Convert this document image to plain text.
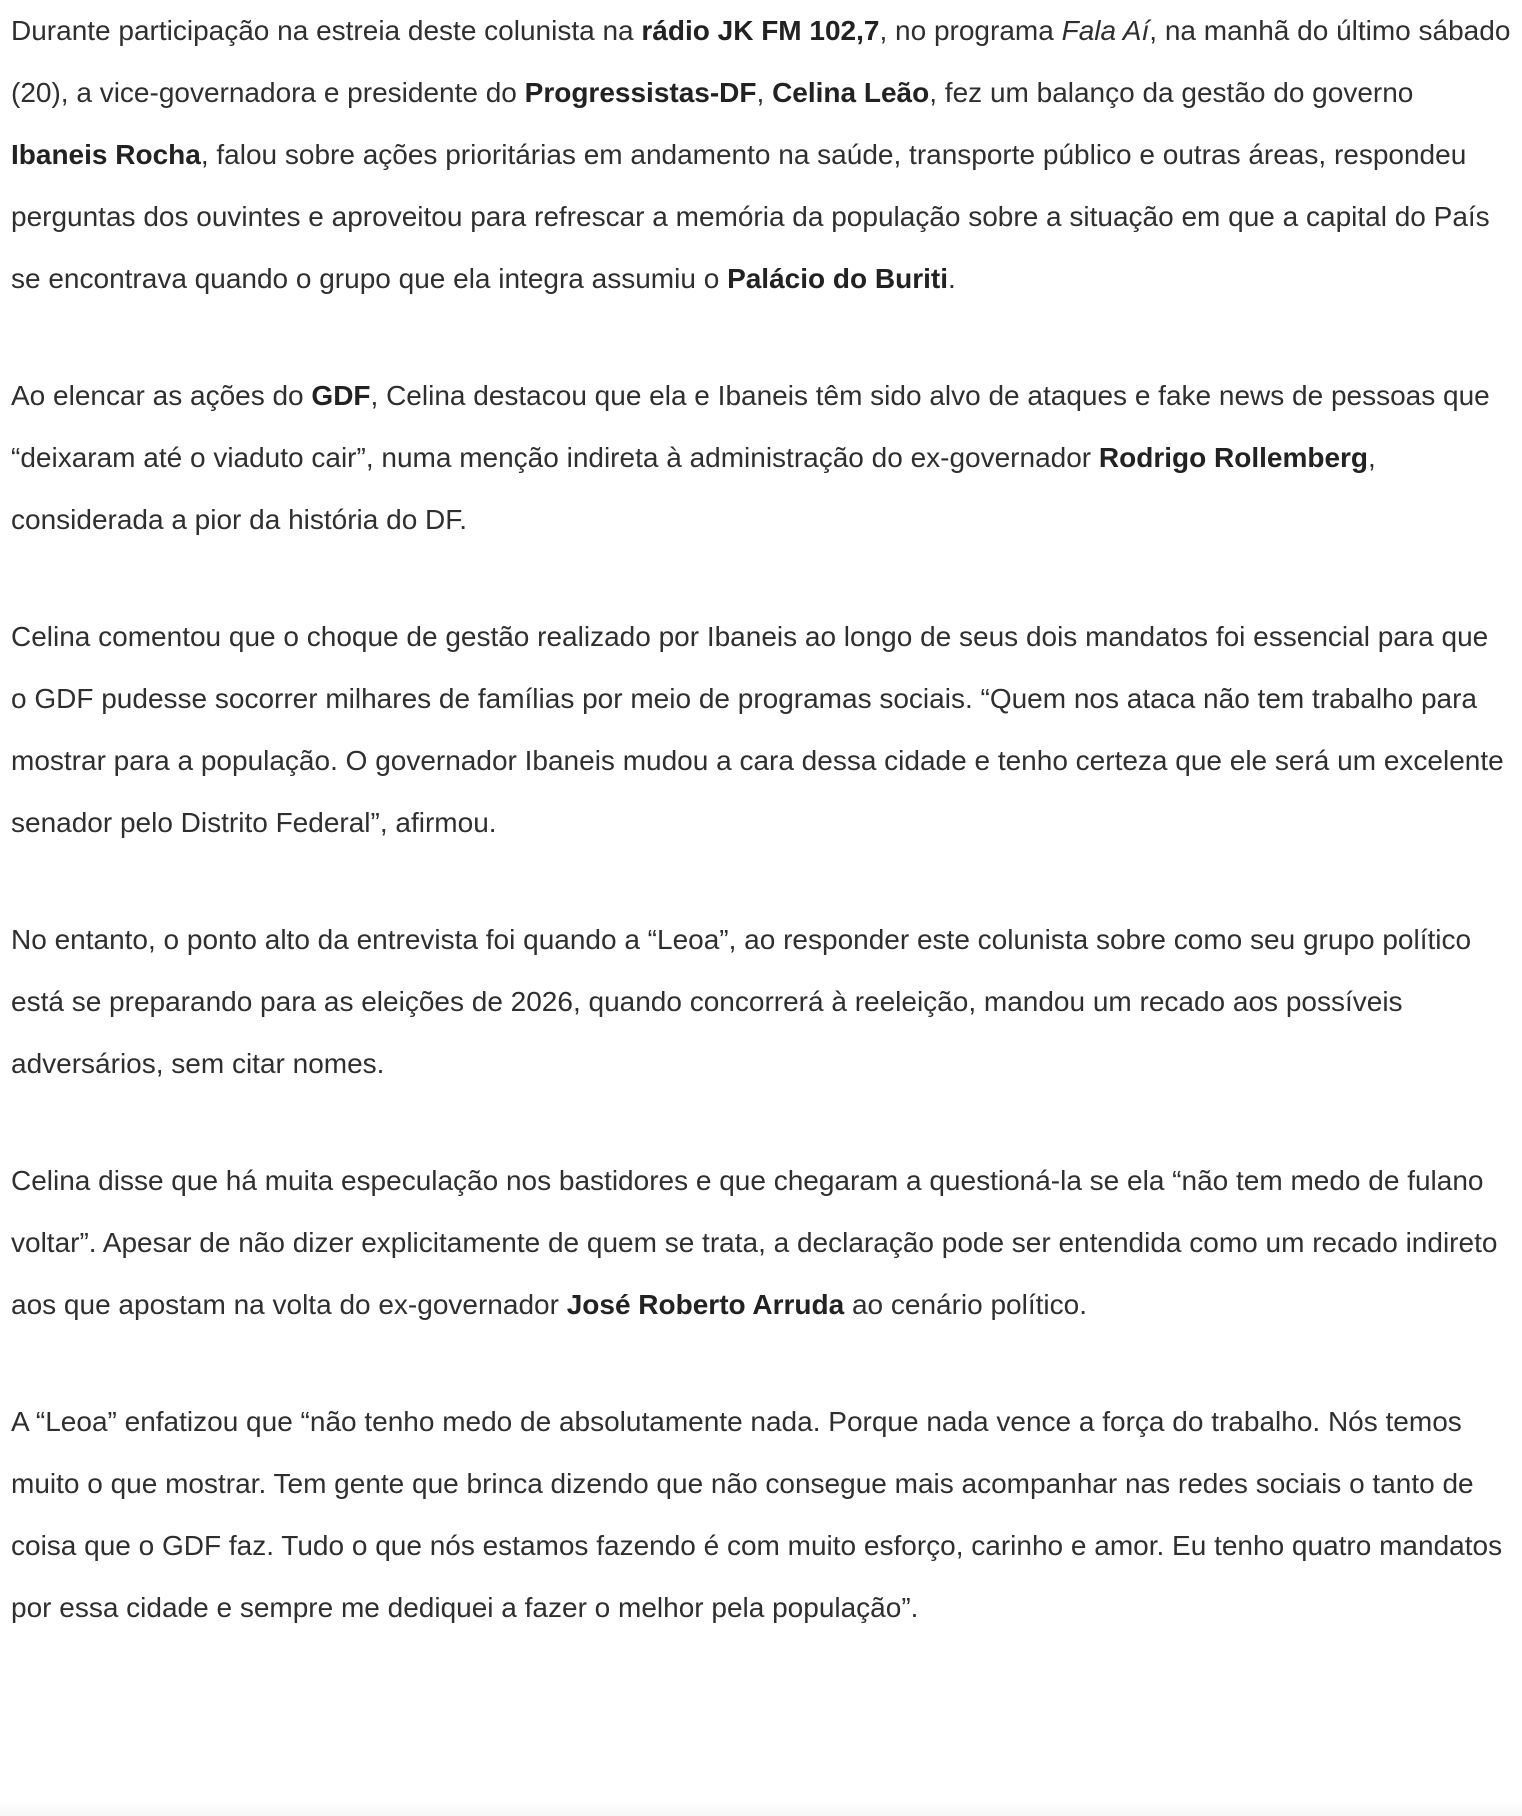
Durante participação na estreia deste colunista na rádio JK FM 102,7, no programa Fala Aí, na manhã do último sábado (20), a vice-governadora e presidente do Progressistas-DF, Celina Leão, fez um balanço da gestão do governo Ibaneis Rocha, falou sobre ações prioritárias em andamento na saúde, transporte público e outras áreas, respondeu perguntas dos ouvintes e aproveitou para refrescar a memória da população sobre a situação em que a capital do País se encontrava quando o grupo que ela integra assumiu o Palácio do Buriti.

Ao elencar as ações do GDF, Celina destacou que ela e Ibaneis têm sido alvo de ataques e fake news de pessoas que “deixaram até o viaduto cair”, numa menção indireta à administração do ex-governador Rodrigo Rollemberg, considerada a pior da história do DF.

Celina comentou que o choque de gestão realizado por Ibaneis ao longo de seus dois mandatos foi essencial para que o GDF pudesse socorrer milhares de famílias por meio de programas sociais. “Quem nos ataca não tem trabalho para mostrar para a população. O governador Ibaneis mudou a cara dessa cidade e tenho certeza que ele será um excelente senador pelo Distrito Federal”, afirmou.

No entanto, o ponto alto da entrevista foi quando a “Leoa”, ao responder este colunista sobre como seu grupo político está se preparando para as eleições de 2026, quando concorrerá à reeleição, mandou um recado aos possíveis adversários, sem citar nomes.

Celina disse que há muita especulação nos bastidores e que chegaram a questioná-la se ela “não tem medo de fulano voltar”. Apesar de não dizer explicitamente de quem se trata, a declaração pode ser entendida como um recado indireto aos que apostam na volta do ex-governador José Roberto Arruda ao cenário político.

A “Leoa” enfatizou que “não tenho medo de absolutamente nada. Porque nada vence a força do trabalho. Nós temos muito o que mostrar. Tem gente que brinca dizendo que não consegue mais acompanhar nas redes sociais o tanto de coisa que o GDF faz. Tudo o que nós estamos fazendo é com muito esforço, carinho e amor. Eu tenho quatro mandatos por essa cidade e sempre me dediquei a fazer o melhor pela população”.
